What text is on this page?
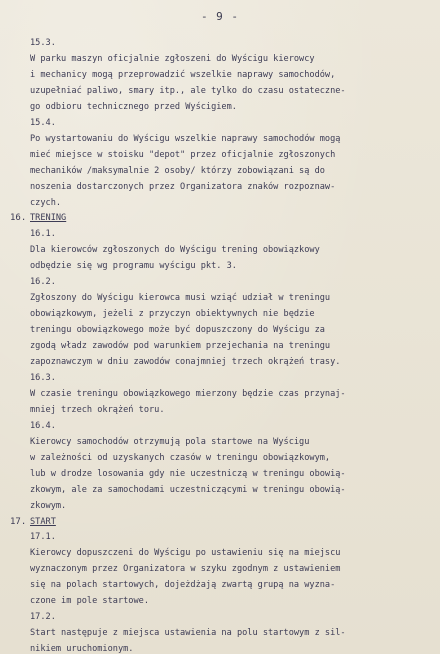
- 9 -
15.3.
W parku maszyn oficjalnie zgłoszeni do Wyścigu kierowcy
i mechanicy mogą przeprowadzić wszelkie naprawy samochodów,
uzupełniać paliwo, smary itp., ale tylko do czasu ostateczne-
go odbioru technicznego przed Wyścigiem.
15.4.
Po wystartowaniu do Wyścigu wszelkie naprawy samochodów mogą
mieć miejsce w stoisku "depot" przez oficjalnie zgłoszonych
mechaników /maksymalnie 2 osoby/ którzy zobowiązani są do
noszenia dostarczonych przez Organizatora znaków rozpoznaw-
czych.
16. TRENING
16.1.
Dla kierowców zgłoszonych do Wyścigu trening obowiązkowy
odbędzie się wg programu wyścigu pkt. 3.
16.2.
Zgłoszony do Wyścigu kierowca musi wziąć udział w treningu
obowiązkowym, jeżeli z przyczyn obiektywnych nie będzie
treningu obowiązkowego może być dopuszczony do Wyścigu za
zgodą władz zawodów pod warunkiem przejechania na treningu
zapoznawczym w dniu zawodów conajmniej trzech okrążeń trasy.
16.3.
W czasie treningu obowiązkowego mierzony będzie czas przynaj-
mniej trzech okrążeń toru.
16.4.
Kierowcy samochodów otrzymują pola startowe na Wyścigu
w zależności od uzyskanych czasów w treningu obowiązkowym,
lub w drodze losowania gdy nie uczestniczą w treningu obowią-
zkowym, ale za samochodami uczestniczącymi w treningu obowią-
zkowym.
17. START
17.1.
Kierowcy dopuszczeni do Wyścigu po ustawieniu się na miejscu
wyznaczonym przez Organizatora w szyku zgodnym z ustawieniem
się na polach startowych, dojeżdżają zwartą grupą na wyzna-
czone im pole startowe.
17.2.
Start następuje z miejsca ustawienia na polu startowym z sil-
nikiem uruchomionym.
